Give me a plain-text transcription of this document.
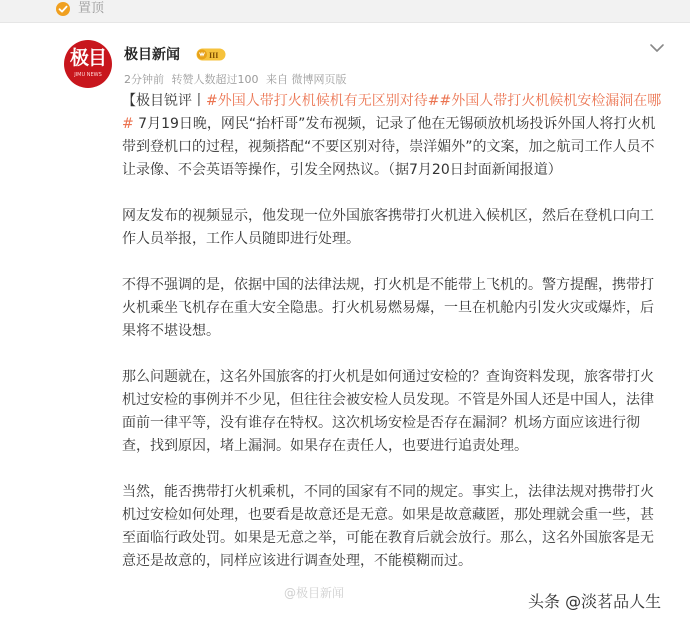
置顶
极目
JIMU NEWS
极目新闻	III
2分钟前 转赞人数超过100 来自 微博网页版

【极目锐评丨#外国人带打火机候机有无区别对待##外国人带打火机候机安检漏洞在哪# 7月19日晚，网民“抬杆哥”发布视频，记录了他在无锡硕放机场投诉外国人将打火机带到登机口的过程，视频搭配“不要区别对待，崇洋媚外”的文案，加之航司工作人员不让录像、不会英语等操作，引发全网热议。（据7月20日封面新闻报道）

网友发布的视频显示，他发现一位外国旅客携带打火机进入候机区，然后在登机口向工作人员举报，工作人员随即进行处理。

不得不强调的是，依据中国的法律法规，打火机是不能带上飞机的。警方提醒，携带打火机乘坐飞机存在重大安全隐患。打火机易燃易爆，一旦在机舱内引发火灾或爆炸，后果将不堪设想。

那么问题就在，这名外国旅客的打火机是如何通过安检的？查询资料发现，旅客带打火机过安检的事例并不少见，但往往会被安检人员发现。不管是外国人还是中国人，法律面前一律平等，没有谁存在特权。这次机场安检是否存在漏洞？机场方面应该进行彻查，找到原因，堵上漏洞。如果存在责任人，也要进行追责处理。

当然，能否携带打火机乘机，不同的国家有不同的规定。事实上，法律法规对携带打火机过安检如何处理，也要看是故意还是无意。如果是故意藏匿，那处理就会重一些，甚至面临行政处罚。如果是无意之举，可能在教育后就会放行。那么，这名外国旅客是无意还是故意的，同样应该进行调查处理，不能模糊而过。

@极目新闻	头条 @淡茗品人生
